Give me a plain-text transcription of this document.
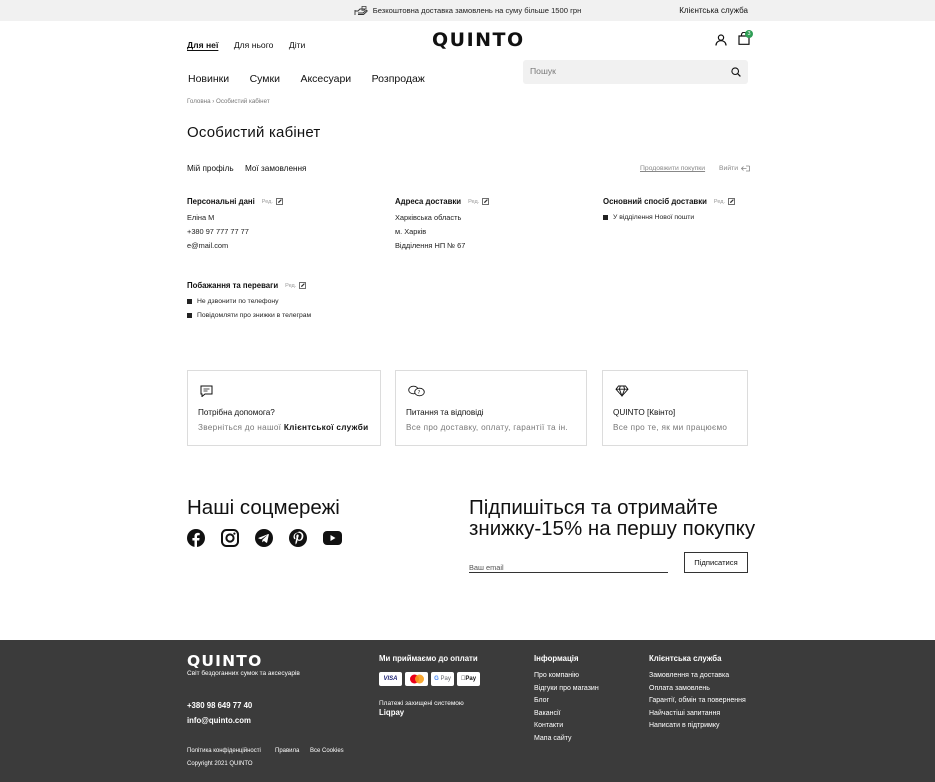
Безкоштовна доставка замовлень на суму більше 1500 грн	Клієнтська служба
Для неї Для нього Діти	QUINTO	3
Новинки Сумки Аксесуари Розпродаж
Пошук
Головна › Особистий кабінет
Особистий кабінет
Мій профіль Мої замовлення	Продовжити покупки Вийти
Персональні дані Ред.
Еліна М
+380 97 777 77 77
e@mail.com
Адреса доставки Ред.
Харківська область
м. Харків
Відділення НП № 67
Основний спосіб доставки Ред.
У відділення Нової пошти
Побажання та переваги Ред.
Не дзвонити по телефону
Повідомляти про знижки в телеграм
Потрібна допомога?
Зверніться до нашої Клієнтської служби
?
Питання та відповіді
Все про доставку, оплату, гарантії та ін.
QUINTO [Квінто]
Все про те, як ми працюємо
Наші соцмережі	Підпишіться та отримайте
знижку-15% на першу покупку
Ваш email
Підписатися
QUINTO
Світ бездоганних сумок та аксесуарів
+380 98 649 77 40
info@quinto.com
Політика конфіденційності Правила Все Cookies
Copyright 2021 QUINTO
Ми приймаємо до оплати
VISA	G Pay	Pay
Платежі захищені системою
Liqpay
Інформація
Про компанію
Відгуки про магазин
Блог
Вакансії
Контакти
Мапа сайту
Клієнтська служба
Замовлення та доставка
Оплата замовлень
Гарантії, обмін та повернення
Найчастіші запитання
Написати в підтримку
